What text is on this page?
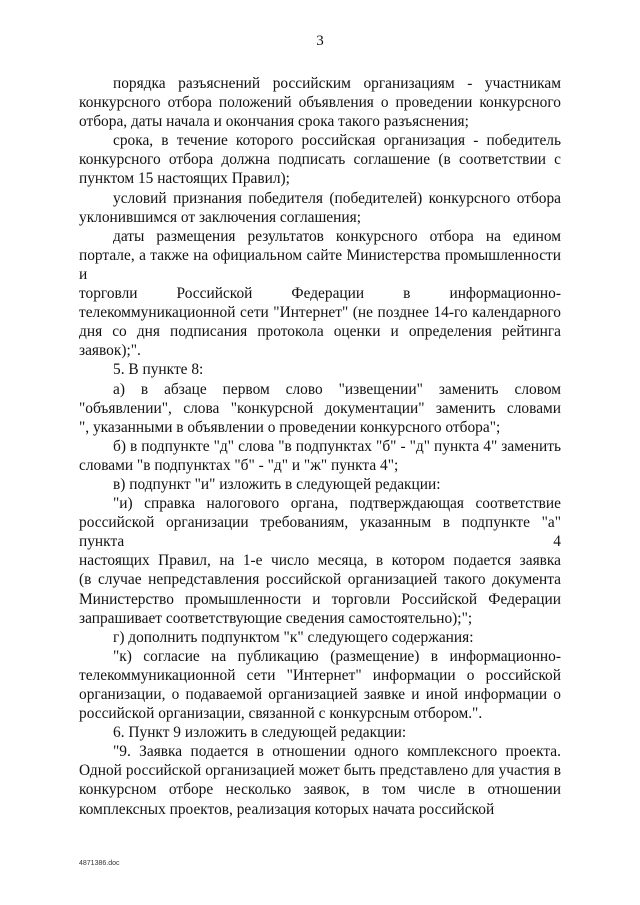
3
порядка разъяснений российским организациям - участникам
конкурсного отбора положений объявления о проведении конкурсного
отбора, даты начала и окончания срока такого разъяснения;
срока, в течение которого российская организация - победитель
конкурсного отбора должна подписать соглашение (в соответствии с
пунктом 15 настоящих Правил);
условий признания победителя (победителей) конкурсного отбора
уклонившимся от заключения соглашения;
даты размещения результатов конкурсного отбора на едином
портале, а также на официальном сайте Министерства промышленности и
торговли Российской Федерации в информационно-
телекоммуникационной сети "Интернет" (не позднее 14-го календарного
дня со дня подписания протокола оценки и определения рейтинга
заявок);".
5. В пункте 8:
а) в абзаце первом слово "извещении" заменить словом
"объявлении", слова "конкурсной документации" заменить словами
", указанными в объявлении о проведении конкурсного отбора";
б) в подпункте "д" слова "в подпунктах "б" - "д" пункта 4" заменить
словами "в подпунктах "б" - "д" и "ж" пункта 4";
в) подпункт "и" изложить в следующей редакции:
"и) справка налогового органа, подтверждающая соответствие
российской организации требованиям, указанным в подпункте "а" пункта 4
настоящих Правил, на 1-е число месяца, в котором подается заявка
(в случае непредставления российской организацией такого документа
Министерство промышленности и торговли Российской Федерации
запрашивает соответствующие сведения самостоятельно);";
г) дополнить подпунктом "к" следующего содержания:
"к) согласие на публикацию (размещение) в информационно-
телекоммуникационной сети "Интернет" информации о российской
организации, о подаваемой организацией заявке и иной информации о
российской организации, связанной с конкурсным отбором.".
6. Пункт 9 изложить в следующей редакции:
"9. Заявка подается в отношении одного комплексного проекта.
Одной российской организацией может быть представлено для участия в
конкурсном отборе несколько заявок, в том числе в отношении
комплексных проектов, реализация которых начата российской
4871386.doc
